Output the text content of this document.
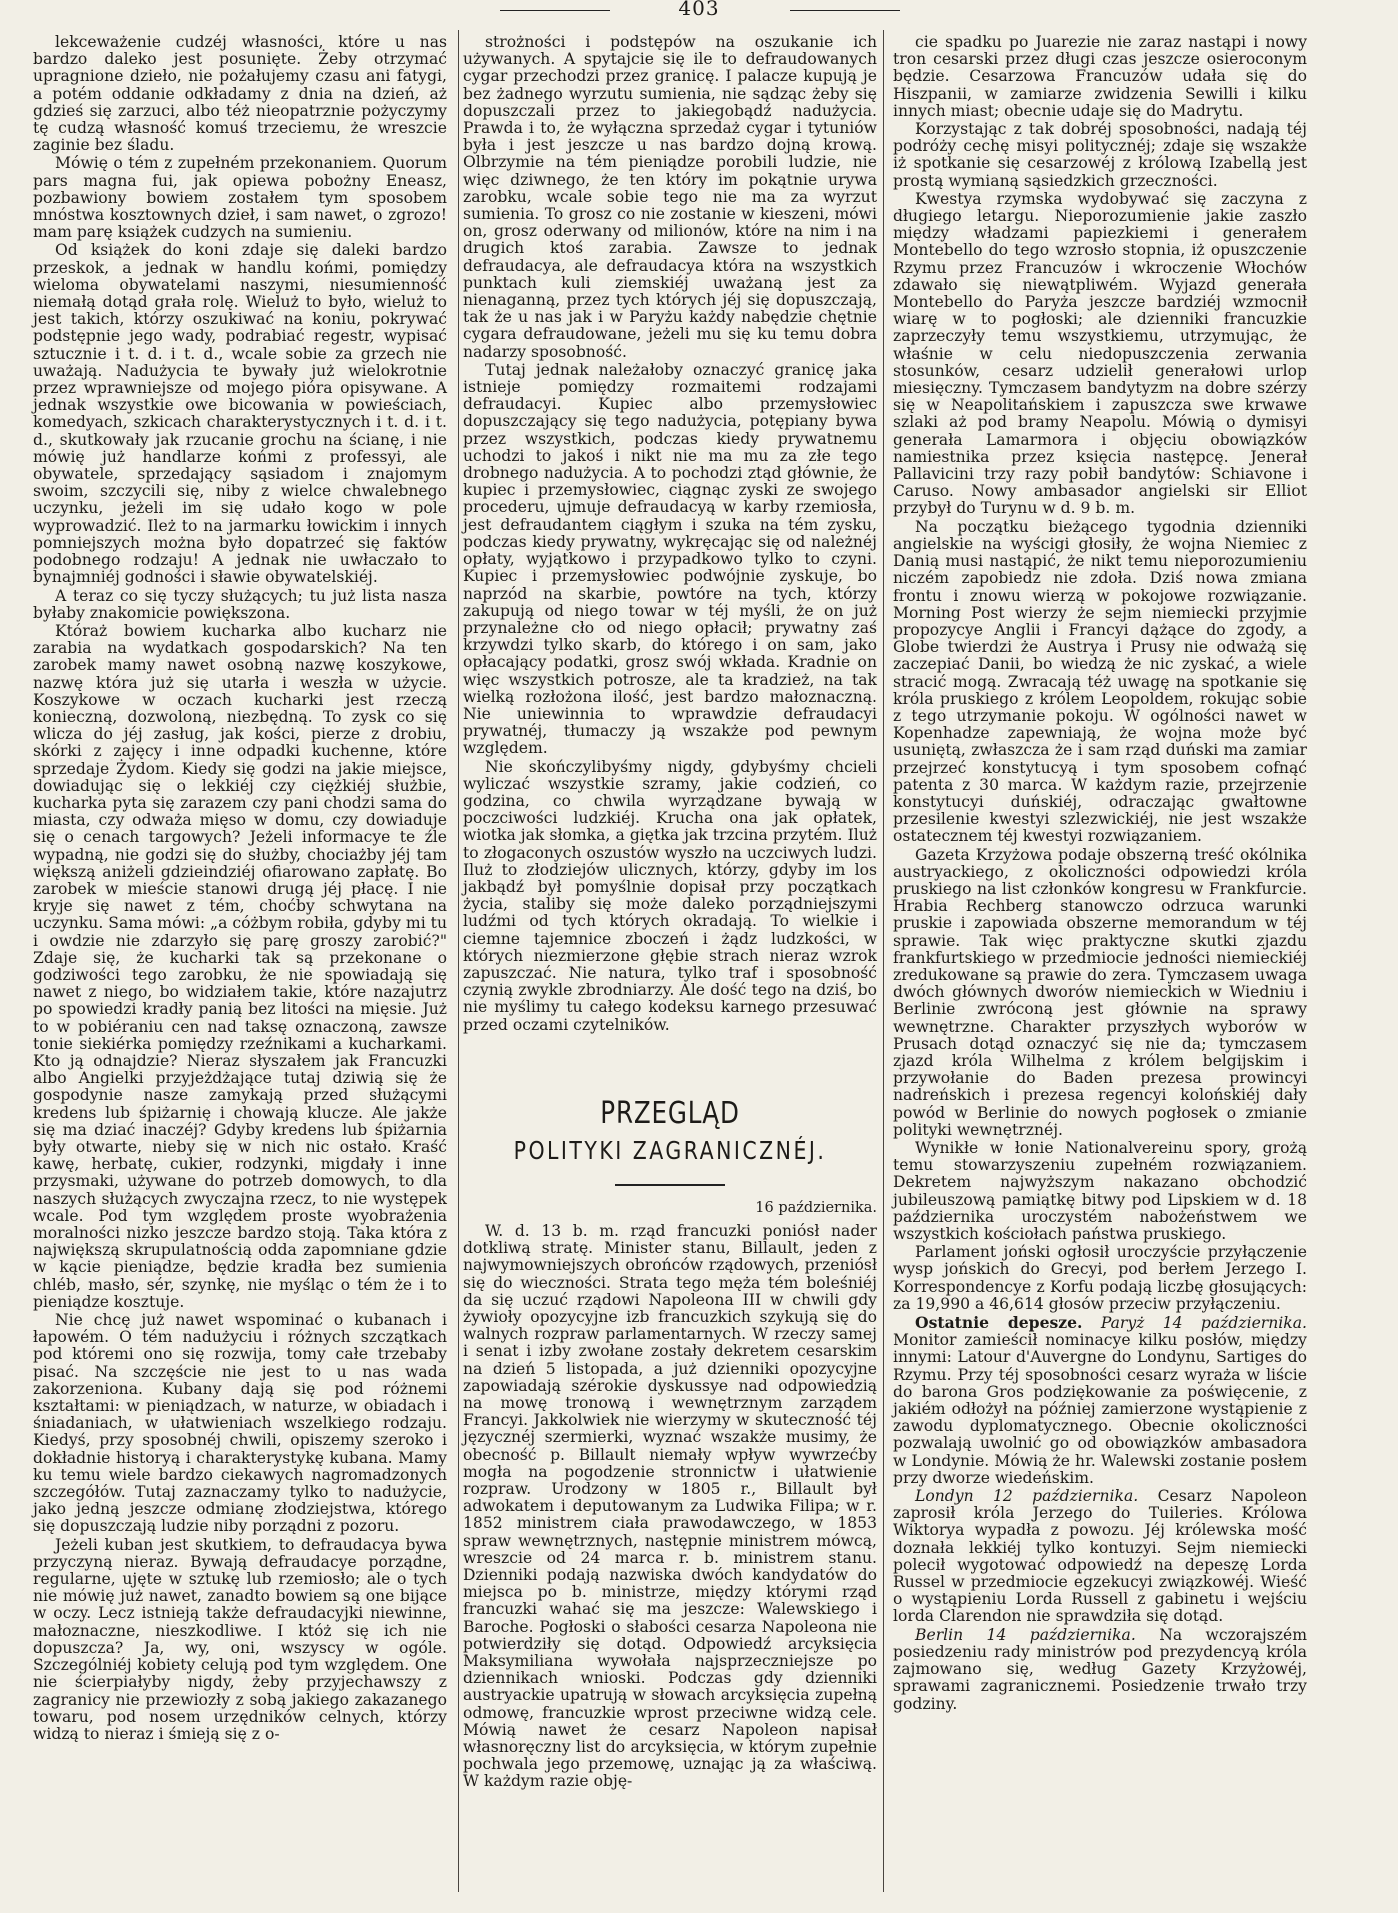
403

lekceważenie cudzéj własności, które u nas bardzo daleko jest posunięte. Żeby otrzymać upragnione dzieło, nie pożałujemy czasu ani fatygi, a potém oddanie odkładamy z dnia na dzień, aż gdzieś się zarzuci, albo téż nieopatrznie pożyczymy tę cudzą własność komuś trzeciemu, że wreszcie zaginie bez śladu.

Mówię o tém z zupełném przekonaniem. Quorum pars magna fui, jak opiewa pobożny Eneasz, pozbawiony bowiem zostałem tym sposobem mnóstwa kosztownych dzieł, i sam nawet, o zgrozo! mam parę książek cudzych na sumieniu.

Od książek do koni zdaje się daleki bardzo przeskok, a jednak w handlu końmi, pomiędzy wieloma obywatelami naszymi, niesumienność niemałą dotąd grała rolę. Wieluż to było, wieluż to jest takich, którzy oszukiwać na koniu, pokrywać podstępnie jego wady, podrabiać regestr, wypisać sztucznie i t. d. i t. d., wcale sobie za grzech nie uważają. Nadużycia te bywały już wielokrotnie przez wprawniejsze od mojego pióra opisywane. A jednak wszystkie owe bicowania w powieściach, komedyach, szkicach charakterystycznych i t. d. i t. d., skutkowały jak rzucanie grochu na ścianę, i nie mówię już handlarze końmi z professyi, ale obywatele, sprzedający sąsiadom i znajomym swoim, szczycili się, niby z wielce chwalebnego uczynku, jeżeli im się udało kogo w pole wyprowadzić. Ileż to na jarmarku łowickim i innych pomniejszych można było dopatrzeć się faktów podobnego rodzaju! A jednak nie uwłaczało to bynajmniéj godności i sławie obywatelskiéj.

A teraz co się tyczy służących; tu już lista nasza byłaby znakomicie powiększona.

Któraż bowiem kucharka albo kucharz nie zarabia na wydatkach gospodarskich? Na ten zarobek mamy nawet osobną nazwę koszykowe, nazwę która już się utarła i weszła w użycie. Koszykowe w oczach kucharki jest rzeczą konieczną, dozwoloną, niezbędną. To zysk co się wlicza do jéj zasług, jak kości, pierze z drobiu, skórki z zajęcy i inne odpadki kuchenne, które sprzedaje Żydom. Kiedy się godzi na jakie miejsce, dowiadując się o lekkiéj czy ciężkiéj służbie, kucharka pyta się zarazem czy pani chodzi sama do miasta, czy odważa mięso w domu, czy dowiaduje się o cenach targowych? Jeżeli informacye te źle wypadną, nie godzi się do służby, chociażby jéj tam większą aniżeli gdzieindziéj ofiarowano zapłatę. Bo zarobek w mieście stanowi drugą jéj płacę. I nie kryje się nawet z tém, choćby schwytana na uczynku. Sama mówi: „a cóżbym robiła, gdyby mi tu i owdzie nie zdarzyło się parę groszy zarobić?" Zdaje się, że kucharki tak są przekonane o godziwości tego zarobku, że nie spowiadają się nawet z niego, bo widziałem takie, które nazajutrz po spowiedzi kradły panią bez litości na mięsie. Już to w pobiéraniu cen nad taksę oznaczoną, zawsze tonie siekiérka pomiędzy rzeźnikami a kucharkami. Kto ją odnajdzie? Nieraz słyszałem jak Francuzki albo Angielki przyjeżdżające tutaj dziwią się że gospodynie nasze zamykają przed służącymi kredens lub śpiżarnię i chowają klucze. Ale jakże się ma dziać inaczéj? Gdyby kredens lub śpiżarnia były otwarte, nieby się w nich nic ostało. Kraść kawę, herbatę, cukier, rodzynki, migdały i inne przysmaki, używane do potrzeb domowych, to dla naszych służących zwyczajna rzecz, to nie występek wcale. Pod tym względem proste wyobrażenia moralności nizko jeszcze bardzo stoją. Taka która z największą skrupulatnością odda zapomniane gdzie w kącie pieniądze, będzie kradła bez sumienia chléb, masło, sér, szynkę, nie myśląc o tém że i to pieniądze kosztuje.

Nie chcę już nawet wspominać o kubanach i łapowém. O tém nadużyciu i różnych szczątkach pod któremi ono się rozwija, tomy całe trzebaby pisać. Na szczęście nie jest to u nas wada zakorzeniona. Kubany dają się pod różnemi kształtami: w pieniądzach, w naturze, w obiadach i śniadaniach, w ułatwieniach wszelkiego rodzaju. Kiedyś, przy sposobnéj chwili, opiszemy szeroko i dokładnie historyą i charakterystykę kubana. Mamy ku temu wiele bardzo ciekawych nagromadzonych szczegółów. Tutaj zaznaczamy tylko to nadużycie, jako jedną jeszcze odmianę złodziejstwa, którego się dopuszczają ludzie niby porządni z pozoru.

Jeżeli kuban jest skutkiem, to defraudacya bywa przyczyną nieraz. Bywają defraudacye porządne, regularne, ujęte w sztukę lub rzemiosło; ale o tych nie mówię już nawet, zanadto bowiem są one bijące w oczy. Lecz istnieją także defraudacyjki niewinne, małoznaczne, nieszkodliwe. I któż się ich nie dopuszcza? Ja, wy, oni, wszyscy w ogóle. Szczególniéj kobiety celują pod tym względem. One nie ścierpiałyby nigdy, żeby przyjechawszy z zagranicy nie przewiozły z sobą jakiego zakazanego towaru, pod nosem urzędników celnych, którzy widzą to nieraz i śmieją się z o-

strożności i podstępów na oszukanie ich używanych. A spytajcie się ile to defraudowanych cygar przechodzi przez granicę. I palacze kupują je bez żadnego wyrzutu sumienia, nie sądząc żeby się dopuszczali przez to jakiegobądź nadużycia. Prawda i to, że wyłączna sprzedaż cygar i tytuniów była i jest jeszcze u nas bardzo dojną krową. Olbrzymie na tém pieniądze porobili ludzie, nie więc dziwnego, że ten który im pokątnie urywa zarobku, wcale sobie tego nie ma za wyrzut sumienia. To grosz co nie zostanie w kieszeni, mówi on, grosz oderwany od milionów, które na nim i na drugich ktoś zarabia. Zawsze to jednak defraudacya, ale defraudacya która na wszystkich punktach kuli ziemskiéj uważaną jest za nienaganną, przez tych których jéj się dopuszczają, tak że u nas jak i w Paryżu każdy nabędzie chętnie cygara defraudowane, jeżeli mu się ku temu dobra nadarzy sposobność.

Tutaj jednak należałoby oznaczyć granicę jaka istnieje pomiędzy rozmaitemi rodzajami defraudacyi. Kupiec albo przemysłowiec dopuszczający się tego nadużycia, potępiany bywa przez wszystkich, podczas kiedy prywatnemu uchodzi to jakoś i nikt nie ma mu za złe tego drobnego nadużycia. A to pochodzi ztąd głównie, że kupiec i przemysłowiec, ciągnąc zyski ze swojego procederu, ujmuje defraudacyą w karby rzemiosła, jest defraudantem ciągłym i szuka na tém zysku, podczas kiedy prywatny, wykręcając się od należnéj opłaty, wyjątkowo i przypadkowo tylko to czyni. Kupiec i przemysłowiec podwójnie zyskuje, bo naprzód na skarbie, powtóre na tych, którzy zakupują od niego towar w téj myśli, że on już przynależne cło od niego opłacił; prywatny zaś krzywdzi tylko skarb, do którego i on sam, jako opłacający podatki, grosz swój wkłada. Kradnie on więc wszystkich potrosze, ale ta kradzież, na tak wielką rozłożona ilość, jest bardzo małoznaczną. Nie uniewinnia to wprawdzie defraudacyi prywatnéj, tłumaczy ją wszakże pod pewnym względem.

Nie skończylibyśmy nigdy, gdybyśmy chcieli wyliczać wszystkie szramy, jakie codzień, co godzina, co chwila wyrządzane bywają w poczciwości ludzkiéj. Krucha ona jak opłatek, wiotka jak słomka, a giętka jak trzcina przytém. Iluż to złogaconych oszustów wyszło na uczciwych ludzi. Iluż to złodziejów ulicznych, którzy, gdyby im los jakbądź był pomyślnie dopisał przy początkach życia, staliby się może daleko porządniejszymi ludźmi od tych których okradają. To wielkie i ciemne tajemnice zboczeń i żądz ludzkości, w których niezmierzone głębie strach nieraz wzrok zapuszczać. Nie natura, tylko traf i sposobność czynią zwykle zbrodniarzy. Ale dość tego na dziś, bo nie myślimy tu całego kodeksu karnego przesuwać przed oczami czytelników.

PRZEGLĄD
POLITYKI ZAGRANICZNÉJ.
16 października.

W. d. 13 b. m. rząd francuzki poniósł nader dotkliwą stratę. Minister stanu, Billault, jeden z najwymowniejszych obrońców rządowych, przeniósł się do wieczności. Strata tego męża tém boleśniéj da się uczuć rządowi Napoleona III w chwili gdy żywioły opozycyjne izb francuzkich szykują się do walnych rozpraw parlamentarnych. W rzeczy samej i senat i izby zwołane zostały dekretem cesarskim na dzień 5 listopada, a już dzienniki opozycyjne zapowiadają szérokie dyskussye nad odpowiedzią na mowę tronową i wewnętrznym zarządem Francyi. Jakkolwiek nie wierzymy w skuteczność téj języcznéj szermierki, wyznać wszakże musimy, że obecność p. Billault niemały wpływ wywrzećby mogła na pogodzenie stronnictw i ułatwienie rozpraw. Urodzony w 1805 r., Billault był adwokatem i deputowanym za Ludwika Filipa; w r. 1852 ministrem ciała prawodawczego, w 1853 spraw wewnętrznych, następnie ministrem mówcą, wreszcie od 24 marca r. b. ministrem stanu. Dzienniki podają nazwiska dwóch kandydatów do miejsca po b. ministrze, między którymi rząd francuzki wahać się ma jeszcze: Walewskiego i Baroche. Pogłoski o słabości cesarza Napoleona nie potwierdziły się dotąd. Odpowiedź arcyksięcia Maksymiliana wywołała najsprzeczniejsze po dziennikach wnioski. Podczas gdy dzienniki austryackie upatrują w słowach arcyksięcia zupełną odmowę, francuzkie wprost przeciwne widzą cele. Mówią nawet że cesarz Napoleon napisał własnoręczny list do arcyksięcia, w którym zupełnie pochwala jego przemowę, uznając ją za właściwą. W każdym razie obję-

cie spadku po Juarezie nie zaraz nastąpi i nowy tron cesarski przez długi czas jeszcze osieroconym będzie. Cesarzowa Francuzów udała się do Hiszpanii, w zamiarze zwidzenia Sewilli i kilku innych miast; obecnie udaje się do Madrytu.

Korzystając z tak dobréj sposobności, nadają téj podróży cechę misyi politycznéj; zdaje się wszakże iż spotkanie się cesarzowéj z królową Izabellą jest prostą wymianą sąsiedzkich grzeczności.

Kwestya rzymska wydobywać się zaczyna z długiego letargu. Nieporozumienie jakie zaszło między władzami papiezkiemi i generałem Montebello do tego wzrosło stopnia, iż opuszczenie Rzymu przez Francuzów i wkroczenie Włochów zdawało się niewątpliwém. Wyjazd generała Montebello do Paryża jeszcze bardziéj wzmocnił wiarę w to pogłoski; ale dzienniki francuzkie zaprzeczyły temu wszystkiemu, utrzymując, że właśnie w celu niedopuszczenia zerwania stosunków, cesarz udzielił generałowi urlop miesięczny. Tymczasem bandytyzm na dobre szérzy się w Neapolitańskiem i zapuszcza swe krwawe szlaki aż pod bramy Neapolu. Mówią o dymisyi generała Lamarmora i objęciu obowiązków namiestnika przez księcia następcę. Jenerał Pallavicini trzy razy pobił bandytów: Schiavone i Caruso. Nowy ambasador angielski sir Elliot przybył do Turynu w d. 9 b. m.

Na początku bieżącego tygodnia dzienniki angielskie na wyścigi głosiły, że wojna Niemiec z Danią musi nastąpić, że nikt temu nieporozumieniu niczém zapobiedz nie zdoła. Dziś nowa zmiana frontu i znowu wierzą w pokojowe rozwiązanie. Morning Post wierzy że sejm niemiecki przyjmie propozycye Anglii i Francyi dążące do zgody, a Globe twierdzi że Austrya i Prusy nie odważą się zaczepiać Danii, bo wiedzą że nic zyskać, a wiele stracić mogą. Zwracają téż uwagę na spotkanie się króla pruskiego z królem Leopoldem, rokując sobie z tego utrzymanie pokoju. W ogólności nawet w Kopenhadze zapewniają, że wojna może być usuniętą, zwłaszcza że i sam rząd duński ma zamiar przejrzeć konstytucyą i tym sposobem cofnąć patenta z 30 marca. W każdym razie, przejrzenie konstytucyi duńskiéj, odraczając gwałtowne przesilenie kwestyi szlezwickiéj, nie jest wszakże ostatecznem téj kwestyi rozwiązaniem.

Gazeta Krzyżowa podaje obszerną treść okólnika austryackiego, z okoliczności odpowiedzi króla pruskiego na list członków kongresu w Frankfurcie. Hrabia Rechberg stanowczo odrzuca warunki pruskie i zapowiada obszerne memorandum w téj sprawie. Tak więc praktyczne skutki zjazdu frankfurtskiego w przedmiocie jedności niemieckiéj zredukowane są prawie do zera. Tymczasem uwaga dwóch głównych dworów niemieckich w Wiedniu i Berlinie zwróconą jest głównie na sprawy wewnętrzne. Charakter przyszłych wyborów w Prusach dotąd oznaczyć się nie da; tymczasem zjazd króla Wilhelma z królem belgijskim i przywołanie do Baden prezesa prowincyi nadreńskich i prezesa regencyi kolońskiéj dały powód w Berlinie do nowych pogłosek o zmianie polityki wewnętrznéj.

Wynikłe w łonie Nationalvereinu spory, grożą temu stowarzyszeniu zupełném rozwiązaniem. Dekretem najwyższym nakazano obchodzić jubileuszową pamiątkę bitwy pod Lipskiem w d. 18 października uroczystém nabożeństwem we wszystkich kościołach państwa pruskiego.

Parlament joński ogłosił uroczyście przyłączenie wysp jońskich do Grecyi, pod berłem Jerzego I. Korrespondencye z Korfu podają liczbę głosujących: za 19,990 a 46,614 głosów przeciw przyłączeniu.

Ostatnie depesze. Paryż 14 października. Monitor zamieścił nominacye kilku posłów, między innymi: Latour d'Auvergne do Londynu, Sartiges do Rzymu. Przy téj sposobności cesarz wyraża w liście do barona Gros podziękowanie za poświęcenie, z jakiém odłożył na później zamierzone wystąpienie z zawodu dyplomatycznego. Obecnie okoliczności pozwalają uwolnić go od obowiązków ambasadora w Londynie. Mówią że hr. Walewski zostanie posłem przy dworze wiedeńskim.

Londyn 12 października. Cesarz Napoleon zaprosił króla Jerzego do Tuileries. Królowa Wiktorya wypadła z powozu. Jéj królewska mość doznała lekkiéj tylko kontuzyi. Sejm niemiecki polecił wygotować odpowiedź na depeszę Lorda Russel w przedmiocie egzekucyi związkowéj. Wieść o wystąpieniu Lorda Russell z gabinetu i wejściu lorda Clarendon nie sprawdziła się dotąd.

Berlin 14 października. Na wczorajszém posiedzeniu rady ministrów pod prezydencyą króla zajmowano się, według Gazety Krzyżowéj, sprawami zagranicznemi. Posiedzenie trwało trzy godziny.
